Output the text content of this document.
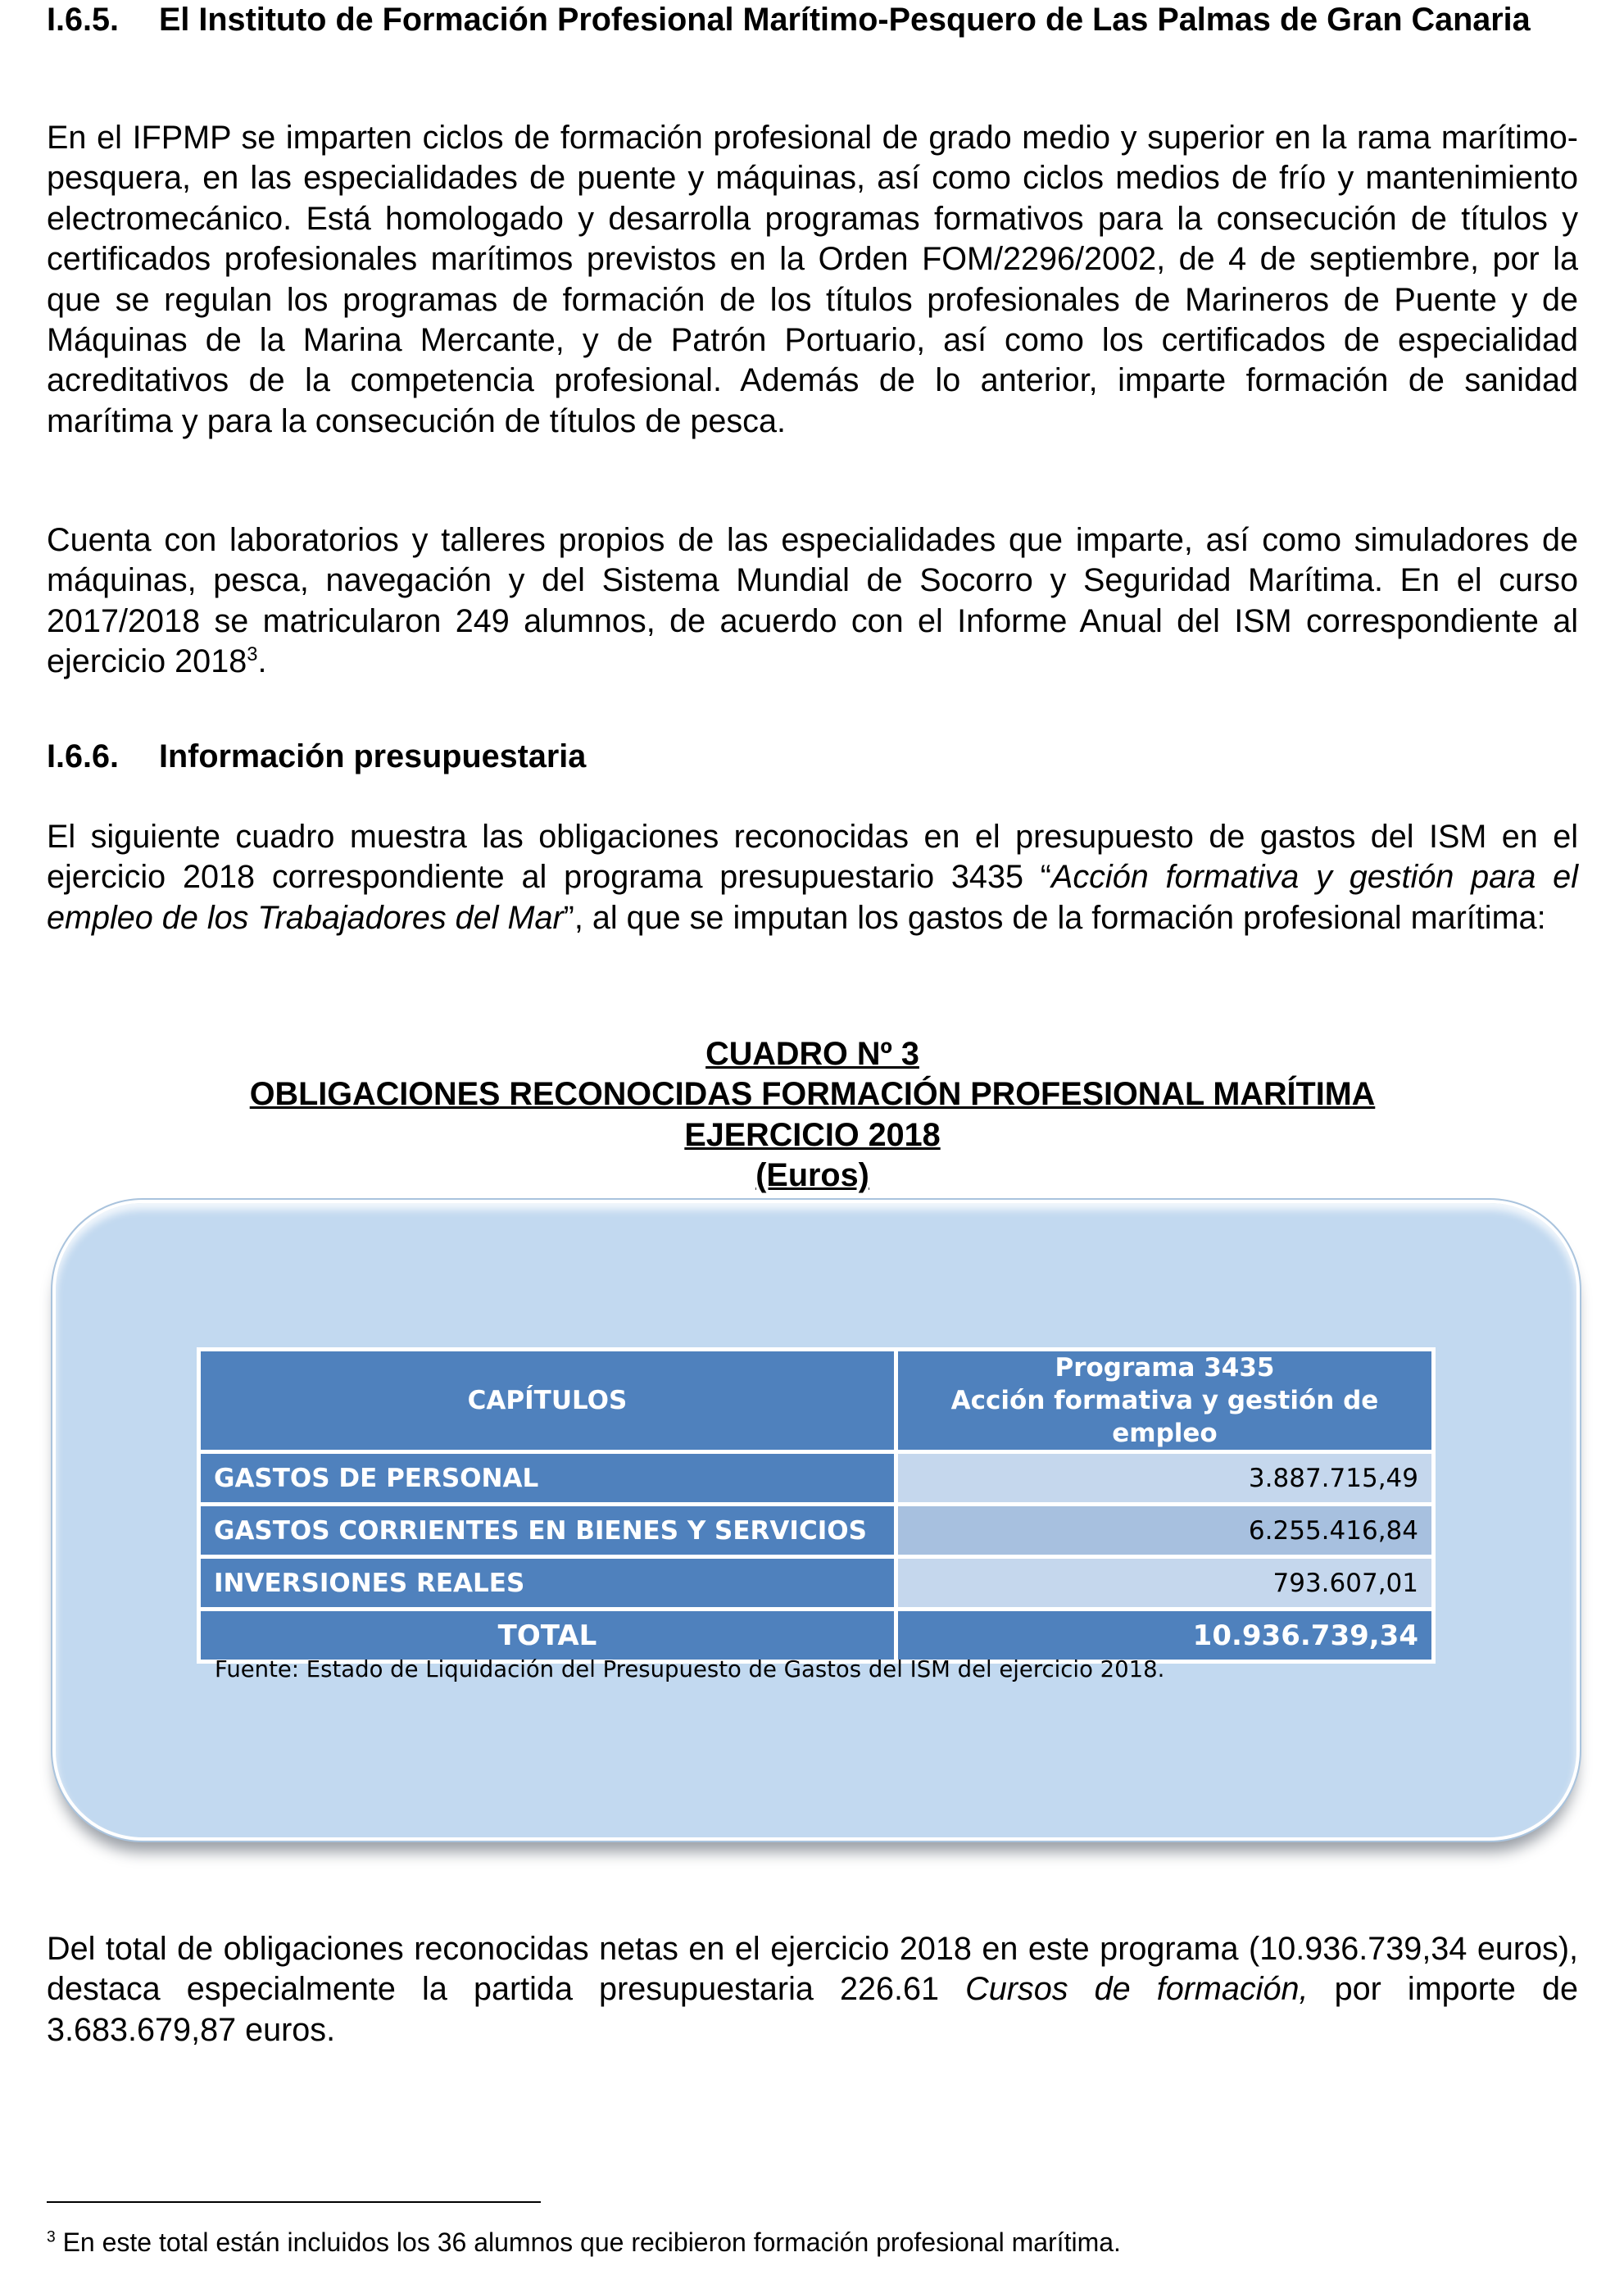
I.6.5. El Instituto de Formación Profesional Marítimo-Pesquero de Las Palmas de Gran Canaria
En el IFPMP se imparten ciclos de formación profesional de grado medio y superior en la rama marítimo-pesquera, en las especialidades de puente y máquinas, así como ciclos medios de frío y mantenimiento electromecánico. Está homologado y desarrolla programas formativos para la consecución de títulos y certificados profesionales marítimos previstos en la Orden FOM/2296/2002, de 4 de septiembre, por la que se regulan los programas de formación de los títulos profesionales de Marineros de Puente y de Máquinas de la Marina Mercante, y de Patrón Portuario, así como los certificados de especialidad acreditativos de la competencia profesional. Además de lo anterior, imparte formación de sanidad marítima y para la consecución de títulos de pesca.
Cuenta con laboratorios y talleres propios de las especialidades que imparte, así como simuladores de máquinas, pesca, navegación y del Sistema Mundial de Socorro y Seguridad Marítima. En el curso 2017/2018 se matricularon 249 alumnos, de acuerdo con el Informe Anual del ISM correspondiente al ejercicio 2018$^3$.
I.6.6. Información presupuestaria
El siguiente cuadro muestra las obligaciones reconocidas en el presupuesto de gastos del ISM en el ejercicio 2018 correspondiente al programa presupuestario 3435 “Acción formativa y gestión para el empleo de los Trabajadores del Mar”, al que se imputan los gastos de la formación profesional marítima:
CUADRO Nº 3
OBLIGACIONES RECONOCIDAS FORMACIÓN PROFESIONAL MARÍTIMA
EJERCICIO 2018
(Euros)
CAPÍTULOS	Programa 3435
Acción formativa y gestión de empleo

GASTOS DE PERSONAL	3.887.715,49
GASTOS CORRIENTES EN BIENES Y SERVICIOS	6.255.416,84
INVERSIONES REALES	793.607,01
TOTAL	10.936.739,34
Fuente: Estado de Liquidación del Presupuesto de Gastos del ISM del ejercicio 2018.
Del total de obligaciones reconocidas netas en el ejercicio 2018 en este programa (10.936.739,34 euros), destaca especialmente la partida presupuestaria 226.61 Cursos de formación, por importe de 3.683.679,87 euros.
$^3$ En este total están incluidos los 36 alumnos que recibieron formación profesional marítima.
